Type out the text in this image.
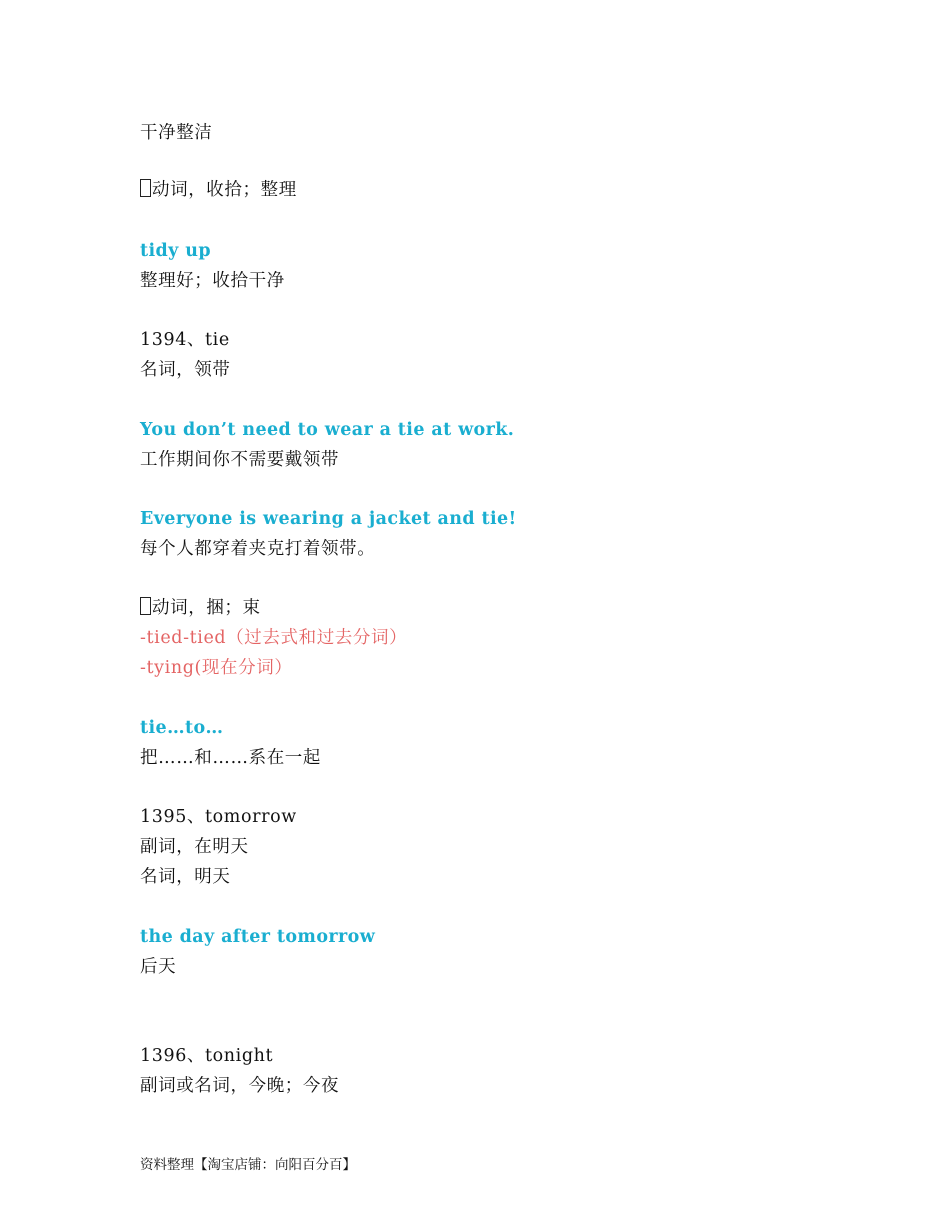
干净整洁

动词，收拾；整理

tidy up

整理好；收拾干净

1394、tie

名词，领带

You don’t need to wear a tie at work.

工作期间你不需要戴领带

Everyone is wearing a jacket and tie!

每个人都穿着夹克打着领带。

动词，捆；束

-tied-tied（过去式和过去分词）

-tying(现在分词）

tie…to…

把……和……系在一起

1395、tomorrow

副词，在明天

名词，明天

the day after tomorrow

后天

1396、tonight

副词或名词，今晚；今夜

资料整理【淘宝店铺：向阳百分百】
